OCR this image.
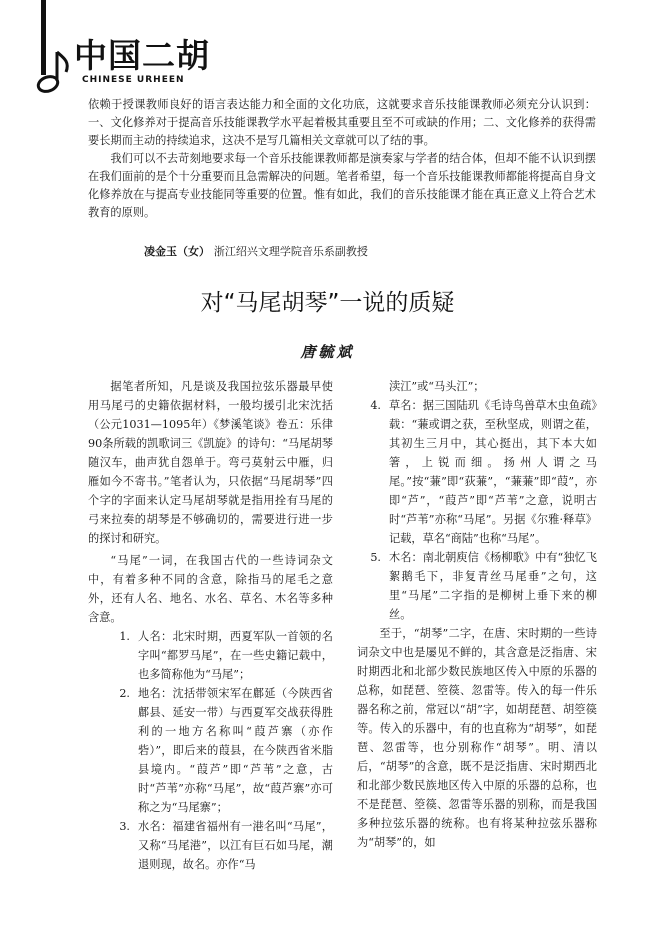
中国二胡
CHINESE URHEEN

依赖于授课教师良好的语言表达能力和全面的文化功底，这就要求音乐技能课教师必须充分认识到：一、文化修养对于提高音乐技能课教学水平起着极其重要且至不可或缺的作用；二、文化修养的获得需要长期而主动的持续追求，这决不是写几篇相关文章就可以了结的事。

我们可以不去苛刻地要求每一个音乐技能课教师都是演奏家与学者的结合体，但却不能不认识到摆在我们面前的是个十分重要而且急需解决的问题。笔者希望，每一个音乐技能课教师都能将提高自身文化修养放在与提高专业技能同等重要的位置。惟有如此，我们的音乐技能课才能在真正意义上符合艺术教育的原则。

凌金玉（女） 浙江绍兴文理学院音乐系副教授
对“马尾胡琴”一说的质疑
唐毓斌

据笔者所知，凡是谈及我国拉弦乐器最早使用马尾弓的史籍依据材料，一般均援引北宋沈括（公元1031—1095年）《梦溪笔谈》卷五：乐律90条所载的凯歌词三《凯旋》的诗句：“马尾胡琴随汉车，曲声犹自怨单于。弯弓莫射云中雁，归雁如今不寄书。”笔者认为，只依据“马尾胡琴”四个字的字面来认定马尾胡琴就是指用拴有马尾的弓来拉奏的胡琴是不够确切的，需要进行进一步的探讨和研究。

“马尾”一词，在我国古代的一些诗词杂文中，有着多种不同的含意，除指马的尾毛之意外，还有人名、地名、水名、草名、木名等多种含意。

1. 人名：北宋时期，西夏军队一首领的名字叫“都罗马尾”，在一些史籍记载中，也多简称他为“马尾”；
2. 地名：沈括带领宋军在鄜延（今陕西省鄜县、延安一带）与西夏军交战获得胜利的一地方名称叫“葭芦寨（亦作砦）”，即后来的葭县，在今陕西省米脂县境内。“葭芦”即“芦苇”之意，古时“芦苇”亦称“马尾”，故“葭芦寨”亦可称之为“马尾寨”；
3. 水名：福建省福州有一港名叫“马尾”，又称“马尾港”，以江有巨石如马尾，潮退则现，故名。亦作“马

渎江”或“马头江”；

4. 草名：据三国陆玑《毛诗鸟兽草木虫鱼疏》载：“蒹或谓之获，至秋坚成，则谓之萑，其初生三月中，其心挺出，其下本大如箸，上锐而细。扬州人谓之马尾。”按“蒹”即“荻蒹”，“蒹蒹”即“葭”，亦即“芦”，“葭芦”即“芦苇”之意，说明古时“芦苇”亦称“马尾”。另据《尔雅·释草》记载，草名“商陆”也称“马尾”。
5. 木名：南北朝庾信《杨柳歌》中有“独忆飞絮鹅毛下，非复青丝马尾垂”之句，这里“马尾”二字指的是柳树上垂下来的柳丝。

至于，“胡琴”二字，在唐、宋时期的一些诗词杂文中也是屡见不鲜的，其含意是泛指唐、宋时期西北和北部少数民族地区传入中原的乐器的总称，如琵琶、箜篌、忽雷等。传入的每一件乐器名称之前，常冠以“胡”字，如胡琵琶、胡箜篌等。传入的乐器中，有的也直称为“胡琴”，如琵琶、忽雷等，也分别称作“胡琴”。明、清以后，“胡琴”的含意，既不是泛指唐、宋时期西北和北部少数民族地区传入中原的乐器的总称，也不是琵琶、箜篌、忽雷等乐器的别称，而是我国多种拉弦乐器的统称。也有将某种拉弦乐器称为“胡琴”的，如
